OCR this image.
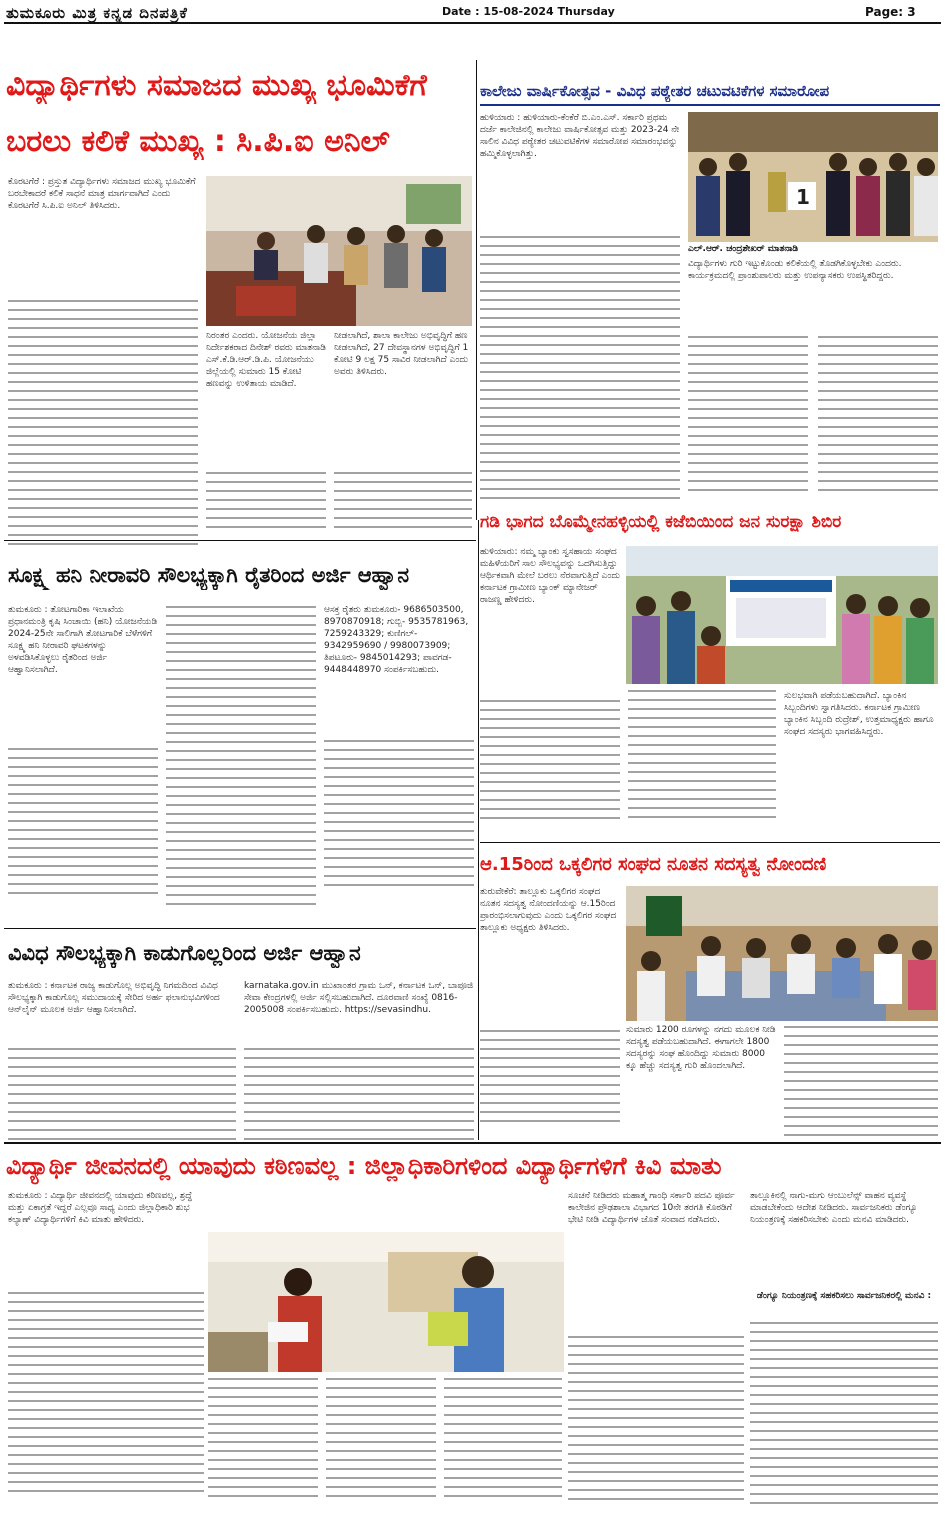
ತುಮಕೂರು ಮಿತ್ರ ಕನ್ನಡ ದಿನಪತ್ರಿಕೆ	Date : 15-08-2024 Thursday	Page: 3
ವಿದ್ಯಾರ್ಥಿಗಳು ಸಮಾಜದ ಮುಖ್ಯ ಭೂಮಿಕೆಗೆ
ಬರಲು ಕಲಿಕೆ ಮುಖ್ಯ : ಸಿ.ಪಿ.ಐ ಅನಿಲ್
ಕೊರಟಗೆರೆ : ಪ್ರಸ್ತುತ ವಿದ್ಯಾರ್ಥಿಗಳು ಸಮಾಜದ ಮುಖ್ಯ ಭೂಮಿಕೆಗೆ ಬರಬೇಕಾದರೆ ಕಲಿಕೆ ಸಾಧನೆ ಮಾತ್ರ ಮಾರ್ಗವಾಗಿದೆ ಎಂದು ಕೊರಟಗೆರೆ ಸಿ.ಪಿ.ಐ ಅನಿಲ್ ತಿಳಿಸಿದರು.
ನಿರಂತರ ಎಂದರು. ಯೋಜನೆಯ ಜಿಲ್ಲಾ ನಿರ್ದೇಶಕರಾದ ದಿನೇಶ್ ರವರು ಮಾತನಾಡಿ ಎಸ್.ಕೆ.ಡಿ.ಆರ್.ಡಿ.ಪಿ. ಯೋಜನೆಯು ಜಿಲ್ಲೆಯಲ್ಲಿ ಸುಮಾರು 15 ಕೋಟಿ ಹಣವನ್ನು ಉಳಿತಾಯ ಮಾಡಿದೆ.
ನೀಡಲಾಗಿದೆ, ಶಾಲಾ ಕಾಲೇಜು ಅಭಿವೃದ್ಧಿಗೆ ಹಣ ನೀಡಲಾಗಿದೆ, 27 ದೇವಸ್ಥಾನಗಳ ಅಭಿವೃದ್ಧಿಗೆ 1 ಕೋಟಿ 9 ಲಕ್ಷ 75 ಸಾವಿರ ನೀಡಲಾಗಿದೆ ಎಂದು ಅವರು ತಿಳಿಸಿದರು.
ಕಾಲೇಜು ವಾರ್ಷಿಕೋತ್ಸವ - ವಿವಿಧ ಪಠ್ಯೇತರ ಚಟುವಟಿಕೆಗಳ ಸಮಾರೋಪ
ಹುಳಿಯಾರು : ಹುಳಿಯಾರು-ಕೆಂಕೆರೆ ಬಿ.ಎಂ.ಎಸ್. ಸರ್ಕಾರಿ ಪ್ರಥಮ ದರ್ಜೆ ಕಾಲೇಜಿನಲ್ಲಿ ಕಾಲೇಜು ವಾರ್ಷಿಕೋತ್ಸವ ಮತ್ತು 2023-24 ನೇ ಸಾಲಿನ ವಿವಿಧ ಪಠ್ಯೇತರ ಚಟುವಟಿಕೆಗಳ ಸಮಾರೋಪ ಸಮಾರಂಭವನ್ನು ಹಮ್ಮಿಕೊಳ್ಳಲಾಗಿತ್ತು.
1
ಎಲ್.ಆರ್. ಚಂದ್ರಶೇಖರ್ ಮಾತನಾಡಿ
ವಿದ್ಯಾರ್ಥಿಗಳು ಗುರಿ ಇಟ್ಟುಕೊಂಡು ಕಲಿಕೆಯಲ್ಲಿ ತೊಡಗಿಕೊಳ್ಳಬೇಕು ಎಂದರು. ಕಾರ್ಯಕ್ರಮದಲ್ಲಿ ಪ್ರಾಂಶುಪಾಲರು ಮತ್ತು ಉಪನ್ಯಾಸಕರು ಉಪಸ್ಥಿತರಿದ್ದರು.
ಸೂಕ್ಷ್ಮ ಹನಿ ನೀರಾವರಿ ಸೌಲಭ್ಯಕ್ಕಾಗಿ ರೈತರಿಂದ ಅರ್ಜಿ ಆಹ್ವಾನ
ತುಮಕೂರು : ತೋಟಗಾರಿಕಾ ಇಲಾಖೆಯ ಪ್ರಧಾನಮಂತ್ರಿ ಕೃಷಿ ಸಿಂಚಾಯಿ (ಹನಿ) ಯೋಜನೆಯಡಿ 2024-25ನೇ ಸಾಲಿಗಾಗಿ ತೋಟಗಾರಿಕೆ ಬೆಳೆಗಳಿಗೆ ಸೂಕ್ಷ್ಮ ಹನಿ ನೀರಾವರಿ ಘಟಕಗಳನ್ನು ಅಳವಡಿಸಿಕೊಳ್ಳಲು ರೈತರಿಂದ ಅರ್ಜಿ ಆಹ್ವಾನಿಸಲಾಗಿದೆ.
ಆಸಕ್ತ ರೈತರು ತುಮಕೂರು- 9686503500, 8970870918; ಗುಬ್ಬಿ- 9535781963, 7259243329; ಕುಣಿಗಲ್- 9342959690 / 9980073909; ತಿಪಟೂರು- 9845014293; ಪಾವಗಡ- 9448448970 ಸಂಪರ್ಕಿಸಬಹುದು.
ವಿವಿಧ ಸೌಲಭ್ಯಕ್ಕಾಗಿ ಕಾಡುಗೊಲ್ಲರಿಂದ ಅರ್ಜಿ ಆಹ್ವಾನ
ತುಮಕೂರು : ಕರ್ನಾಟಕ ರಾಜ್ಯ ಕಾಡುಗೊಲ್ಲ ಅಭಿವೃದ್ಧಿ ನಿಗಮದಿಂದ ವಿವಿಧ ಸೌಲಭ್ಯಕ್ಕಾಗಿ ಕಾಡುಗೊಲ್ಲ ಸಮುದಾಯಕ್ಕೆ ಸೇರಿದ ಅರ್ಹ ಫಲಾನುಭವಿಗಳಿಂದ ಆನ್‌ಲೈನ್ ಮೂಲಕ ಅರ್ಜಿ ಆಹ್ವಾನಿಸಲಾಗಿದೆ.
karnataka.gov.in ಮುಖಾಂತರ ಗ್ರಾಮ ಒನ್, ಕರ್ನಾಟಕ ಒನ್, ಬಾಪೂಜಿ ಸೇವಾ ಕೇಂದ್ರಗಳಲ್ಲಿ ಅರ್ಜಿ ಸಲ್ಲಿಸಬಹುದಾಗಿದೆ. ದೂರವಾಣಿ ಸಂಖ್ಯೆ 0816-2005008 ಸಂಪರ್ಕಿಸಬಹುದು. https://sevasindhu.
ಗಡಿ ಭಾಗದ ಬೊಮ್ಮೇನಹಳ್ಳಿಯಲ್ಲಿ ಕಜೆಬಿಯಿಂದ ಜನ ಸುರಕ್ಷಾ ಶಿಬಿರ
ಹುಳಿಯಾರು: ನಮ್ಮ ಬ್ಯಾಂಕು ಸ್ವಸಹಾಯ ಸಂಘದ ಮಹಿಳೆಯರಿಗೆ ಸಾಲ ಸೌಲಭ್ಯವನ್ನು ಒದಗಿಸುತ್ತಿದ್ದು ಆರ್ಥಿಕವಾಗಿ ಮೇಲೆ ಬರಲು ನೆರವಾಗುತ್ತಿದೆ ಎಂದು ಕರ್ನಾಟಕ ಗ್ರಾಮೀಣ ಬ್ಯಾಂಕ್ ಮ್ಯಾನೇಜರ್ ರಾಜಣ್ಣ ಹೇಳಿದರು.
ಸುಲಭವಾಗಿ ಪಡೆಯಬಹುದಾಗಿದೆ. ಬ್ಯಾಂಕಿನ ಸಿಬ್ಬಂದಿಗಳು ಸ್ವಾಗತಿಸಿದರು. ಕರ್ನಾಟಕ ಗ್ರಾಮೀಣ ಬ್ಯಾಂಕಿನ ಸಿಬ್ಬಂದಿ ರುದ್ರೇಶ್, ಉತ್ತಮಾಧ್ಯಕ್ಷರು ಹಾಗೂ ಸಂಘದ ಸದಸ್ಯರು ಭಾಗವಹಿಸಿದ್ದರು.
ಆ.15ರಿಂದ ಒಕ್ಕಲಿಗರ ಸಂಘದ ನೂತನ ಸದಸ್ಯತ್ವ ನೋಂದಣಿ
ತುರುವೇಕೆರೆ: ತಾಲ್ಲೂಕು ಒಕ್ಕಲಿಗರ ಸಂಘದ ನೂತನ ಸದಸ್ಯತ್ವ ನೋಂದಣಿಯನ್ನು ಆ.15ರಿಂದ ಪ್ರಾರಂಭಿಸಲಾಗುವುದು ಎಂದು ಒಕ್ಕಲಿಗರ ಸಂಘದ ತಾಲ್ಲೂಕು ಅಧ್ಯಕ್ಷರು ತಿಳಿಸಿದರು.
ಸುಮಾರು 1200 ರೂಗಳನ್ನು ನಗದು ಮೂಲಕ ನೀಡಿ ಸದಸ್ಯತ್ವ ಪಡೆಯಬಹುದಾಗಿದೆ. ಈಗಾಗಲೇ 1800 ಸದಸ್ಯರನ್ನು ಸಂಘ ಹೊಂದಿದ್ದು ಸುಮಾರು 8000 ಕ್ಕೂ ಹೆಚ್ಚು ಸದಸ್ಯತ್ವ ಗುರಿ ಹೊಂದಲಾಗಿದೆ.
ವಿದ್ಯಾರ್ಥಿ ಜೀವನದಲ್ಲಿ ಯಾವುದು ಕಠಿಣವಲ್ಲ : ಜಿಲ್ಲಾಧಿಕಾರಿಗಳಿಂದ ವಿದ್ಯಾರ್ಥಿಗಳಿಗೆ ಕಿವಿ ಮಾತು
ತುಮಕೂರು : ವಿದ್ಯಾರ್ಥಿ ಜೀವನದಲ್ಲಿ ಯಾವುದು ಕಠಿಣವಲ್ಲ, ಶ್ರದ್ಧೆ ಮತ್ತು ಏಕಾಗ್ರತೆ ಇದ್ದರೆ ಎಲ್ಲವೂ ಸಾಧ್ಯ ಎಂದು ಜಿಲ್ಲಾಧಿಕಾರಿ ಶುಭ ಕಲ್ಯಾಣ್ ವಿದ್ಯಾರ್ಥಿಗಳಿಗೆ ಕಿವಿ ಮಾತು ಹೇಳಿದರು.
ಸೂಚನೆ ನೀಡಿದರು ಮಹಾತ್ಮ ಗಾಂಧಿ ಸರ್ಕಾರಿ ಪದವಿ ಪೂರ್ವ ಕಾಲೇಜಿನ ಪ್ರೌಢಶಾಲಾ ವಿಭಾಗದ 10ನೇ ತರಗತಿ ಕೊಠಡಿಗೆ ಭೇಟಿ ನೀಡಿ ವಿದ್ಯಾರ್ಥಿಗಳ ಜೊತೆ ಸಂವಾದ ನಡೆಸಿದರು.
ತಾಲ್ಲೂಕಿನಲ್ಲಿ ನಾಗು-ಮಗು ಆಂಬುಲೆನ್ಸ್ ವಾಹನ ವ್ಯವಸ್ಥೆ ಮಾಡಬೇಕೆಂದು ಆದೇಶ ನೀಡಿದರು. ಸಾರ್ವಜನಿಕರು ಡೆಂಗ್ಯೂ ನಿಯಂತ್ರಣಕ್ಕೆ ಸಹಕರಿಸಬೇಕು ಎಂದು ಮನವಿ ಮಾಡಿದರು.
ಡೆಂಗ್ಯೂ ನಿಯಂತ್ರಣಕ್ಕೆ ಸಹಕರಿಸಲು ಸಾರ್ವಜನಿಕರಲ್ಲಿ ಮನವಿ :
